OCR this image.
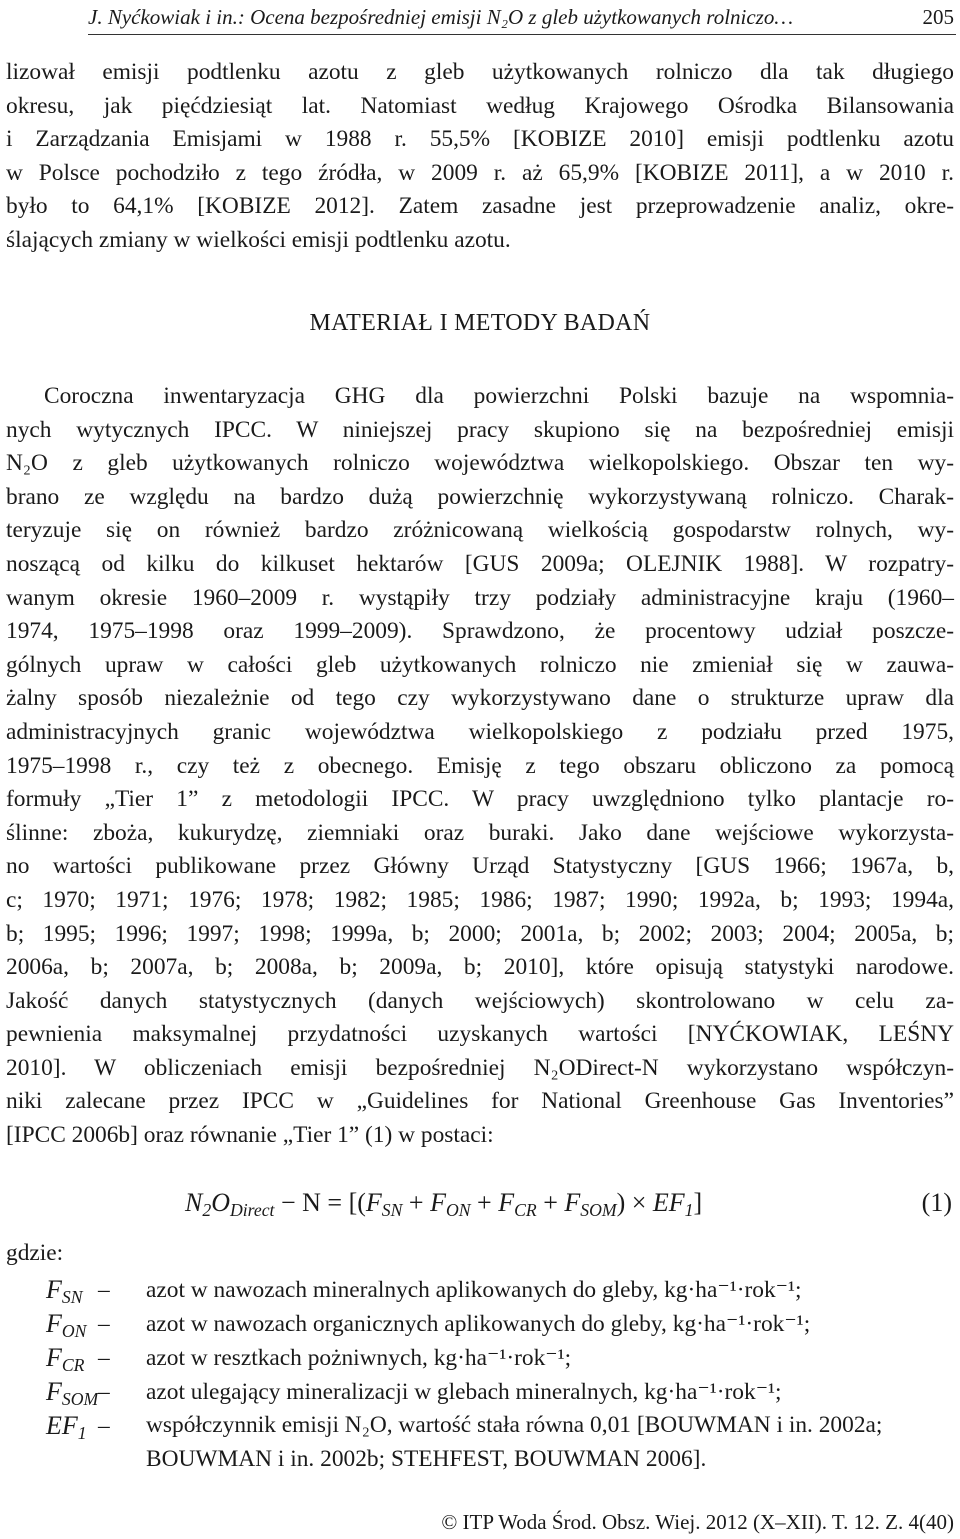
J. Nyćkowiak i in.: Ocena bezpośredniej emisji N₂O z gleb użytkowanych rolniczo…	205
lizował emisji podtlenku azotu z gleb użytkowanych rolniczo dla tak długiego
okresu, jak pięćdziesiąt lat. Natomiast według Krajowego Ośrodka Bilansowania
i Zarządzania Emisjami w 1988 r. 55,5% [KOBIZE 2010] emisji podtlenku azotu
w Polsce pochodziło z tego źródła, w 2009 r. aż 65,9% [KOBIZE 2011], a w 2010 r.
było to 64,1% [KOBIZE 2012]. Zatem zasadne jest przeprowadzenie analiz, okre-
ślających zmiany w wielkości emisji podtlenku azotu.
MATERIAŁ I METODY BADAŃ
Coroczna inwentaryzacja GHG dla powierzchni Polski bazuje na wspomnia-
nych wytycznych IPCC. W niniejszej pracy skupiono się na bezpośredniej emisji
N₂O z gleb użytkowanych rolniczo województwa wielkopolskiego. Obszar ten wy-
brano ze względu na bardzo dużą powierzchnię wykorzystywaną rolniczo. Charak-
teryzuje się on również bardzo zróżnicowaną wielkością gospodarstw rolnych, wy-
noszącą od kilku do kilkuset hektarów [GUS 2009a; OLEJNIK 1988]. W rozpatry-
wanym okresie 1960–2009 r. wystąpiły trzy podziały administracyjne kraju (1960–
1974, 1975–1998 oraz 1999–2009). Sprawdzono, że procentowy udział poszcze-
gólnych upraw w całości gleb użytkowanych rolniczo nie zmieniał się w zauwa-
żalny sposób niezależnie od tego czy wykorzystywano dane o strukturze upraw dla
administracyjnych granic województwa wielkopolskiego z podziału przed 1975,
1975–1998 r., czy też z obecnego. Emisję z tego obszaru obliczono za pomocą
formuły „Tier 1” z metodologii IPCC. W pracy uwzględniono tylko plantacje ro-
ślinne: zboża, kukurydzę, ziemniaki oraz buraki. Jako dane wejściowe wykorzysta-
no wartości publikowane przez Główny Urząd Statystyczny [GUS 1966; 1967a, b,
c; 1970; 1971; 1976; 1978; 1982; 1985; 1986; 1987; 1990; 1992a, b; 1993; 1994a,
b; 1995; 1996; 1997; 1998; 1999a, b; 2000; 2001a, b; 2002; 2003; 2004; 2005a, b;
2006a, b; 2007a, b; 2008a, b; 2009a, b; 2010], które opisują statystyki narodowe.
Jakość danych statystycznych (danych wejściowych) skontrolowano w celu za-
pewnienia maksymalnej przydatności uzyskanych wartości [NYĆKOWIAK, LEŚNY
2010]. W obliczeniach emisji bezpośredniej N₂ODirect-N wykorzystano współczyn-
niki zalecane przez IPCC w „Guidelines for National Greenhouse Gas Inventories”
[IPCC 2006b] oraz równanie „Tier 1” (1) w postaci:
$N_2O_{Direct} - N = [(F_{SN} + F_{ON} + F_{CR} + F_{SOM}) \times EF_1]$	(1)
gdzie:
$F_{SN}$ – azot w nawozach mineralnych aplikowanych do gleby, kg·ha⁻¹·rok⁻¹;
$F_{ON}$ – azot w nawozach organicznych aplikowanych do gleby, kg·ha⁻¹·rok⁻¹;
$F_{CR}$ – azot w resztkach pożniwnych, kg·ha⁻¹·rok⁻¹;
$F_{SOM}$ – azot ulegający mineralizacji w glebach mineralnych, kg·ha⁻¹·rok⁻¹;
$EF_1$ – współczynnik emisji N₂O, wartość stała równa 0,01 [BOUWMAN i in. 2002a; BOUWMAN i in. 2002b; STEHFEST, BOUWMAN 2006].
© ITP Woda Środ. Obsz. Wiej. 2012 (X–XII). T. 12. Z. 4(40)
